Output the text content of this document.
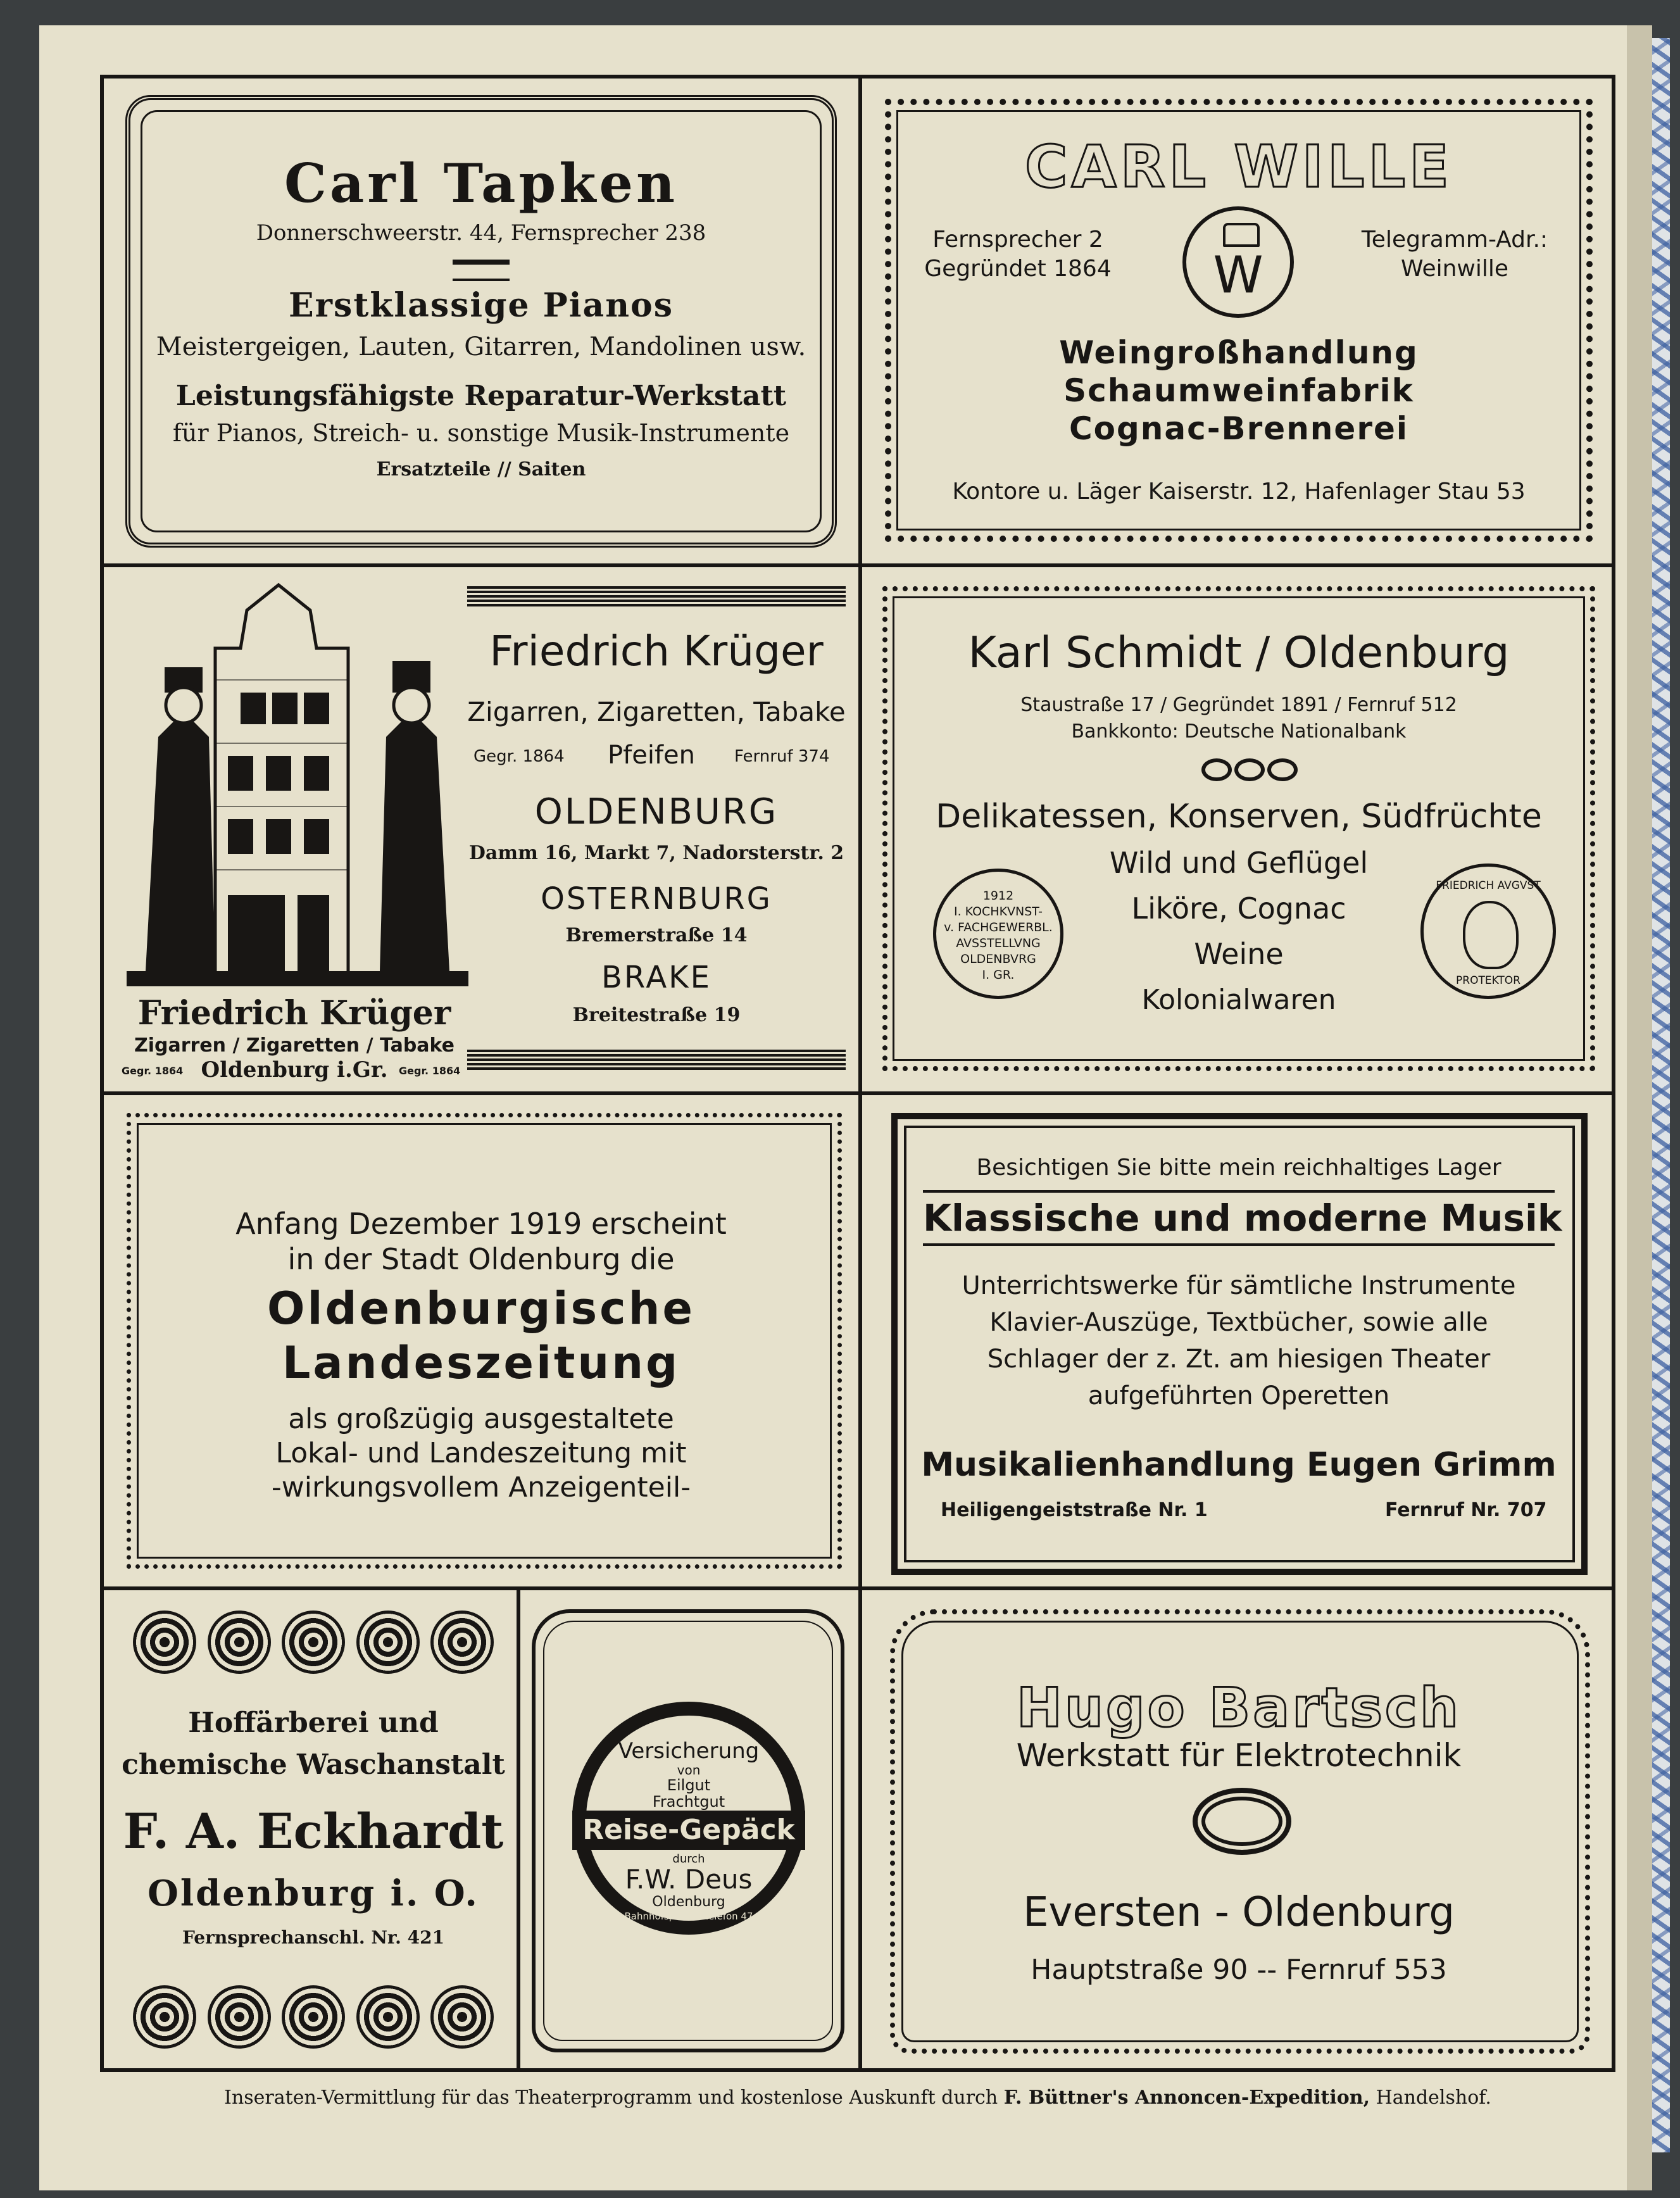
Carl Tapken
Donnerschweerstr. 44, Fernsprecher 238
Erstklassige Pianos
Meistergeigen, Lauten, Gitarren, Mandolinen usw.
Leistungsfähigste Reparatur-Werkstatt
für Pianos, Streich- u. sonstige Musik-Instrumente
Ersatzteile // Saiten
CARL WILLE
Fernsprecher 2
Gegründet 1864	W
Telegramm-Adr.:
Weinwille
Weingroßhandlung
Schaumweinfabrik
Cognac-Brennerei
Kontore u. Läger Kaiserstr. 12, Hafenlager Stau 53
Friedrich Krüger
Zigarren / Zigaretten / Tabake
Gegr. 1864 Oldenburg i.Gr.	Gegr. 1864
Friedrich Krüger
Zigarren, Zigaretten, Tabake
Gegr. 1864 Pfeifen Fernruf 374
OLDENBURG
Damm 16, Markt 7, Nadorsterstr. 2
OSTERNBURG
Bremerstraße 14
BRAKE
Breitestraße 19
Karl Schmidt / Oldenburg
Staustraße 17 / Gegründet 1891 / Fernruf 512
Bankkonto: Deutsche Nationalbank
Delikatessen, Konserven, Südfrüchte
Wild und Geflügel
Liköre, Cognac
Weine
Kolonialwaren
1912
I. KOCHKVNST-
v. FACHGEWERBL.
AVSSTELLVNG
OLDENBVRG
I. GR.
FRIEDRICH AVGVST
PROTEKTOR
Anfang Dezember 1919 erscheint
in der Stadt Oldenburg die
Oldenburgische
Landeszeitung
als großzügig ausgestaltete
Lokal- und Landeszeitung mit
-wirkungsvollem Anzeigenteil-
Besichtigen Sie bitte mein reichhaltiges Lager
Klassische und moderne Musik
Unterrichtswerke für sämtliche Instrumente
Klavier-Auszüge, Textbücher, sowie alle
Schlager der z. Zt. am hiesigen Theater
aufgeführten Operetten
Musikalienhandlung Eugen Grimm
Heiligengeiststraße Nr. 1	Fernruf Nr. 707
Hoffärberei und
chemische Waschanstalt
F. A. Eckhardt
Oldenburg i. O.
Fernsprechanschl. Nr. 421
Versicherung
von
Eilgut
Frachtgut
Reise-Gepäck
durch
F.W. Deus
Oldenburg
Bahnhofsplatz 8 Telefon 47
Hugo Bartsch
Werkstatt für Elektrotechnik
Eversten - Oldenburg
Hauptstraße 90 -- Fernruf 553
Inseraten-Vermittlung für das Theaterprogramm und kostenlose Auskunft durch F. Büttner's Annoncen-Expedition, Handelshof.
